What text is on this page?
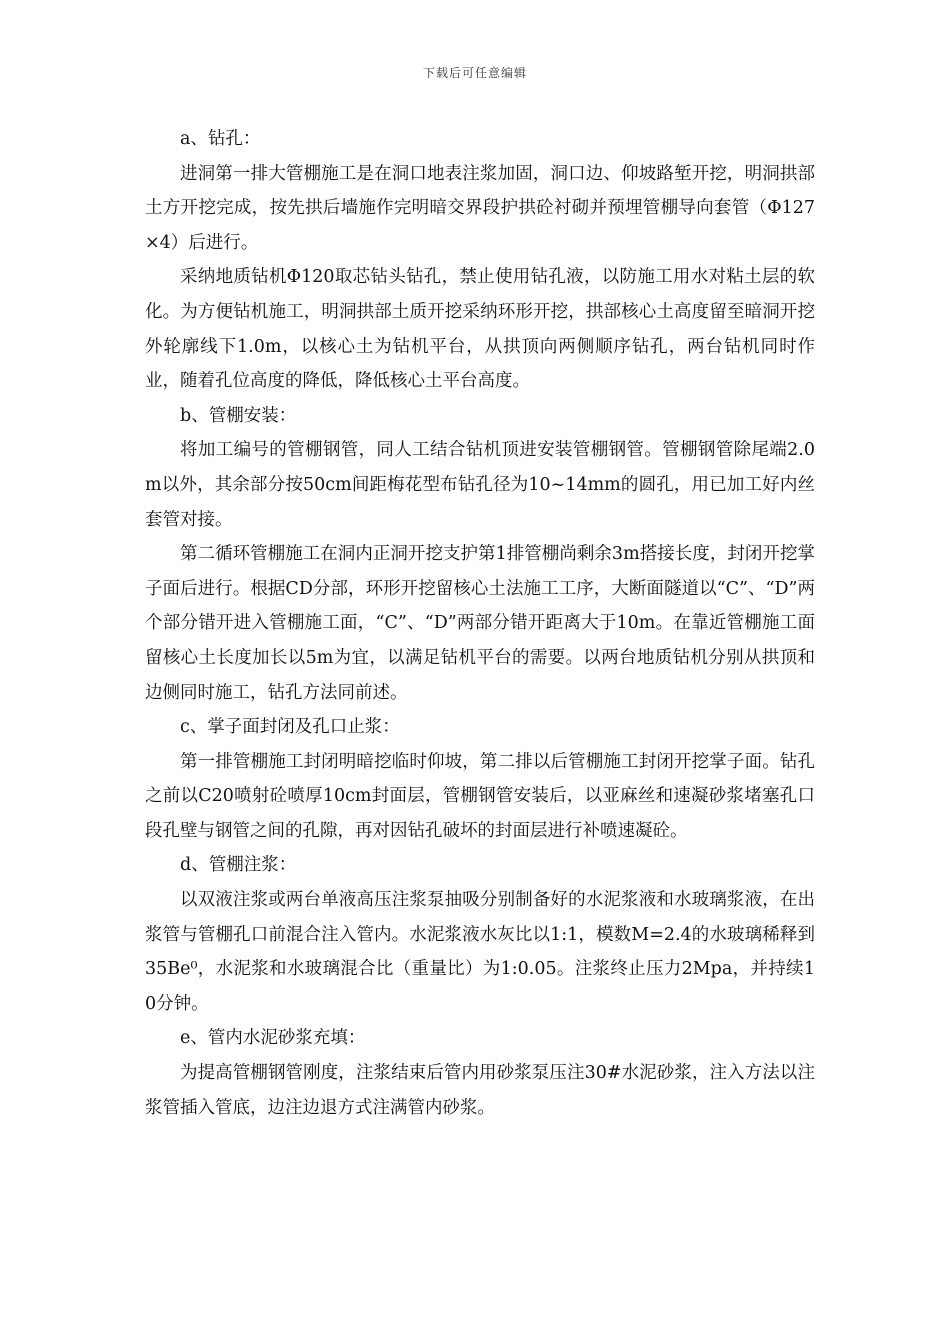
下载后可任意编辑

a、钻孔：

进洞第一排大管棚施工是在洞口地表注浆加固，洞口边、仰坡路堑开挖，明洞拱部土方开挖完成，按先拱后墙施作完明暗交界段护拱砼衬砌并预埋管棚导向套管（Φ127×4）后进行。

采纳地质钻机Φ120取芯钻头钻孔，禁止使用钻孔液，以防施工用水对粘土层的软化。为方便钻机施工，明洞拱部土质开挖采纳环形开挖，拱部核心土高度留至暗洞开挖外轮廓线下1.0m，以核心土为钻机平台，从拱顶向两侧顺序钻孔，两台钻机同时作业，随着孔位高度的降低，降低核心土平台高度。

b、管棚安装：

将加工编号的管棚钢管，同人工结合钻机顶进安装管棚钢管。管棚钢管除尾端2.0m以外，其余部分按50cm间距梅花型布钻孔径为10~14mm的圆孔，用已加工好内丝套管对接。

第二循环管棚施工在洞内正洞开挖支护第1排管棚尚剩余3m搭接长度，封闭开挖掌子面后进行。根据CD分部，环形开挖留核心土法施工工序，大断面隧道以“C”、“D”两个部分错开进入管棚施工面，“C”、“D”两部分错开距离大于10m。在靠近管棚施工面留核心土长度加长以5m为宜，以满足钻机平台的需要。以两台地质钻机分别从拱顶和边侧同时施工，钻孔方法同前述。

c、掌子面封闭及孔口止浆：

第一排管棚施工封闭明暗挖临时仰坡，第二排以后管棚施工封闭开挖掌子面。钻孔之前以C20喷射砼喷厚10cm封面层，管棚钢管安装后，以亚麻丝和速凝砂浆堵塞孔口段孔壁与钢管之间的孔隙，再对因钻孔破坏的封面层进行补喷速凝砼。

d、管棚注浆：

以双液注浆或两台单液高压注浆泵抽吸分别制备好的水泥浆液和水玻璃浆液，在出浆管与管棚孔口前混合注入管内。水泥浆液水灰比以1:1，模数M=2.4的水玻璃稀释到35Be⁰，水泥浆和水玻璃混合比（重量比）为1:0.05。注浆终止压力2Mpa，并持续10分钟。

e、管内水泥砂浆充填：

为提高管棚钢管刚度，注浆结束后管内用砂浆泵压注30#水泥砂浆，注入方法以注浆管插入管底，边注边退方式注满管内砂浆。
